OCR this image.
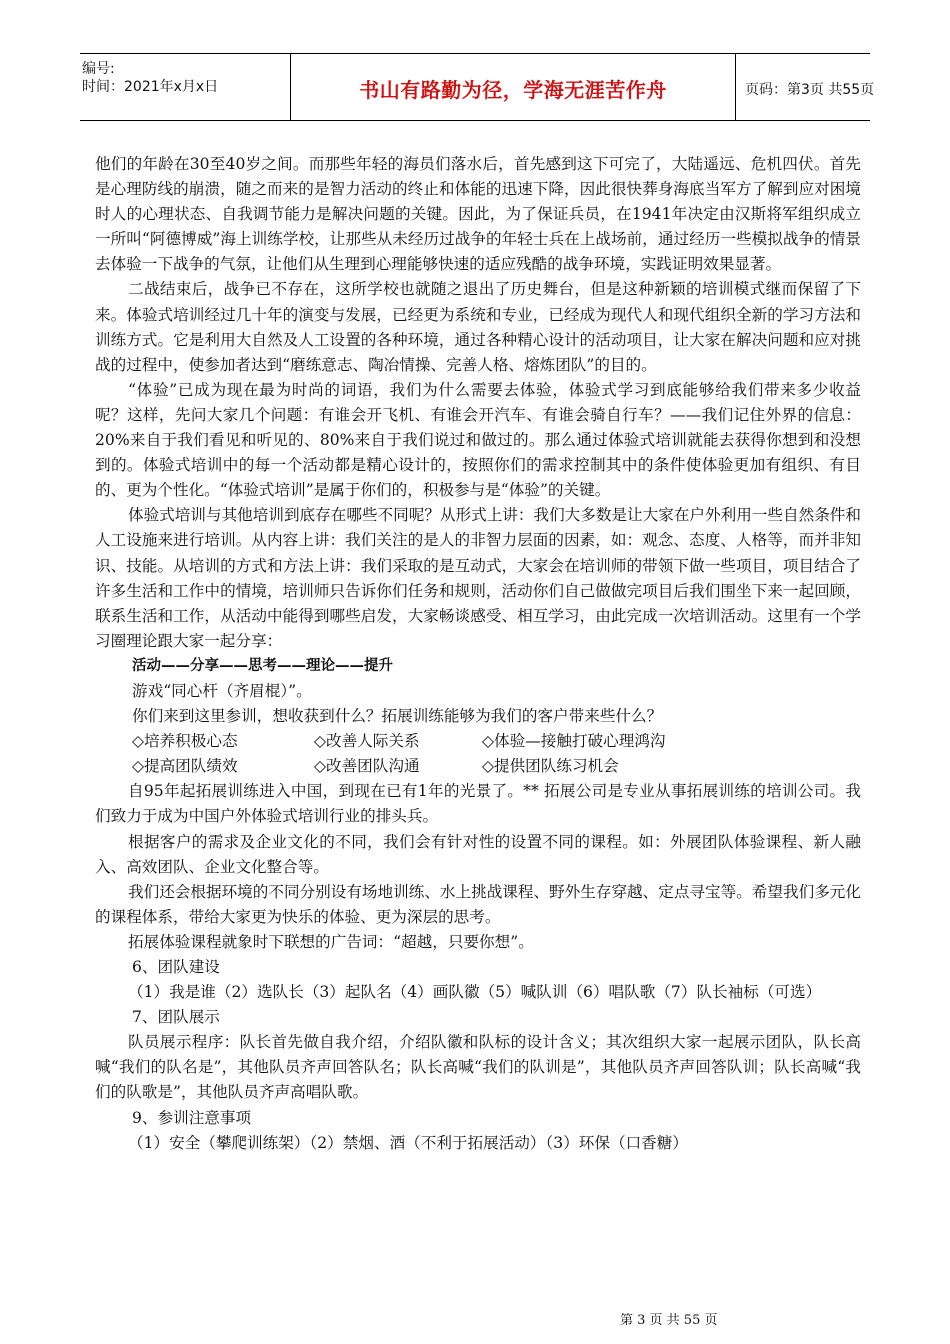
编号:
时间：2021年x月x日	书山有路勤为径，学海无涯苦作舟	页码：第3页 共55页

他们的年龄在30至40岁之间。而那些年轻的海员们落水后，首先感到这下可完了，大陆遥远、危机四伏。首先是心理防线的崩溃，随之而来的是智力活动的终止和体能的迅速下降，因此很快葬身海底当军方了解到应对困境时人的心理状态、自我调节能力是解决问题的关键。因此，为了保证兵员，在1941年决定由汉斯将军组织成立一所叫“阿德博威”海上训练学校，让那些从未经历过战争的年轻士兵在上战场前，通过经历一些模拟战争的情景去体验一下战争的气氛，让他们从生理到心理能够快速的适应残酷的战争环境，实践证明效果显著。

二战结束后，战争已不存在，这所学校也就随之退出了历史舞台，但是这种新颖的培训模式继而保留了下来。体验式培训经过几十年的演变与发展，已经更为系统和专业，已经成为现代人和现代组织全新的学习方法和训练方式。它是利用大自然及人工设置的各种环境，通过各种精心设计的活动项目，让大家在解决问题和应对挑战的过程中，使参加者达到“磨练意志、陶冶情操、完善人格、熔炼团队”的目的。

“体验”已成为现在最为时尚的词语，我们为什么需要去体验，体验式学习到底能够给我们带来多少收益呢？这样，先问大家几个问题：有谁会开飞机、有谁会开汽车、有谁会骑自行车？——我们记住外界的信息：20%来自于我们看见和听见的、80%来自于我们说过和做过的。那么通过体验式培训就能去获得你想到和没想到的。体验式培训中的每一个活动都是精心设计的，按照你们的需求控制其中的条件使体验更加有组织、有目的、更为个性化。“体验式培训”是属于你们的，积极参与是“体验”的关键。

体验式培训与其他培训到底存在哪些不同呢？从形式上讲：我们大多数是让大家在户外利用一些自然条件和人工设施来进行培训。从内容上讲：我们关注的是人的非智力层面的因素，如：观念、态度、人格等，而并非知识、技能。从培训的方式和方法上讲：我们采取的是互动式，大家会在培训师的带领下做一些项目，项目结合了许多生活和工作中的情境，培训师只告诉你们任务和规则，活动你们自己做做完项目后我们围坐下来一起回顾，联系生活和工作，从活动中能得到哪些启发，大家畅谈感受、相互学习，由此完成一次培训活动。这里有一个学习圈理论跟大家一起分享：

活动——分享——思考——理论——提升

游戏“同心杆（齐眉棍）”。

你们来到这里参训，想收获到什么？拓展训练能够为我们的客户带来些什么？

◇培养积极心态	◇改善人际关系	◇体验—接触打破心理鸿沟
◇提高团队绩效	◇改善团队沟通	◇提供团队练习机会

自95年起拓展训练进入中国，到现在已有1年的光景了。** 拓展公司是专业从事拓展训练的培训公司。我们致力于成为中国户外体验式培训行业的排头兵。

根据客户的需求及企业文化的不同，我们会有针对性的设置不同的课程。如：外展团队体验课程、新人融入、高效团队、企业文化整合等。

我们还会根据环境的不同分别设有场地训练、水上挑战课程、野外生存穿越、定点寻宝等。希望我们多元化的课程体系，带给大家更为快乐的体验、更为深层的思考。

拓展体验课程就象时下联想的广告词：“超越，只要你想”。

6、团队建设

（1）我是谁（2）选队长（3）起队名（4）画队徽（5）喊队训（6）唱队歌（7）队长袖标（可选）

7、团队展示

队员展示程序：队长首先做自我介绍，介绍队徽和队标的设计含义；其次组织大家一起展示团队，队长高喊“我们的队名是”，其他队员齐声回答队名；队长高喊“我们的队训是”，其他队员齐声回答队训；队长高喊“我们的队歌是”，其他队员齐声高唱队歌。

9、参训注意事项

（1）安全（攀爬训练架）（2）禁烟、酒（不利于拓展活动）（3）环保（口香糖）

第 3 页 共 55 页
